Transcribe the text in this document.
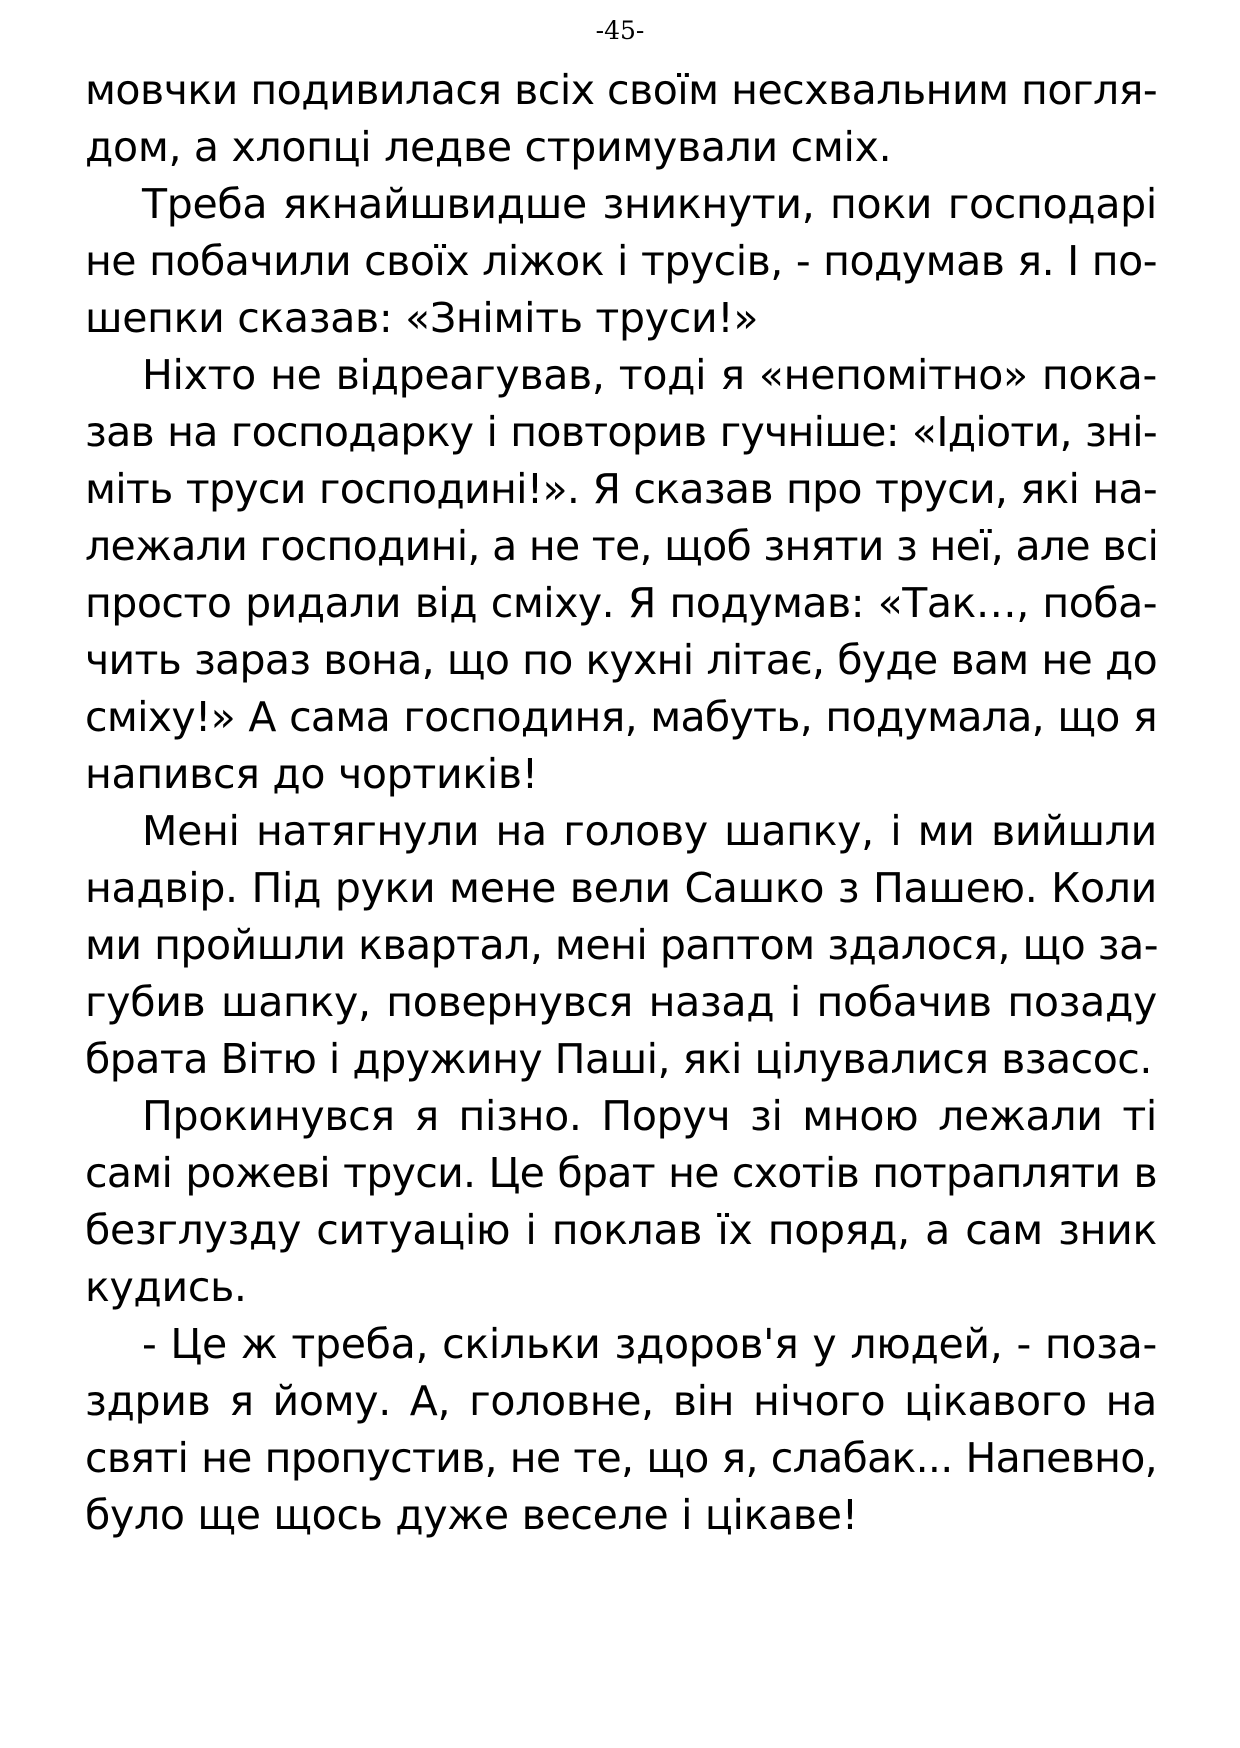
-45-
мовчки подивилася всіх своїм несхвальним погля-
дом, а хлопці ледве стримували сміх.
Треба якнайшвидше зникнути, поки господарі
не побачили своїх ліжок і трусів, - подумав я. І по-
шепки сказав: «Зніміть труси!»
Ніхто не відреагував, тоді я «непомітно» пока-
зав на господарку і повторив гучніше: «Ідіоти, зні-
міть труси господині!». Я сказав про труси, які на-
лежали господині, а не те, щоб зняти з неї, але всі
просто ридали від сміху. Я подумав: «Так…, поба-
чить зараз вона, що по кухні літає, буде вам не до
сміху!» А сама господиня, мабуть, подумала, що я
напився до чортиків!
Мені натягнули на голову шапку, і ми вийшли
надвір. Під руки мене вели Сашко з Пашею. Коли
ми пройшли квартал, мені раптом здалося, що за-
губив шапку, повернувся назад і побачив позаду
брата Вітю і дружину Паші, які цілувалися взасос.
Прокинувся я пізно. Поруч зі мною лежали ті
самі рожеві труси. Це брат не схотів потрапляти в
безглузду ситуацію і поклав їх поряд, а сам зник
кудись.
- Це ж треба, скільки здоров'я у людей, - поза-
здрив я йому. А, головне, він нічого цікавого на
святі не пропустив, не те, що я, слабак... Напевно,
було ще щось дуже веселе і цікаве!
